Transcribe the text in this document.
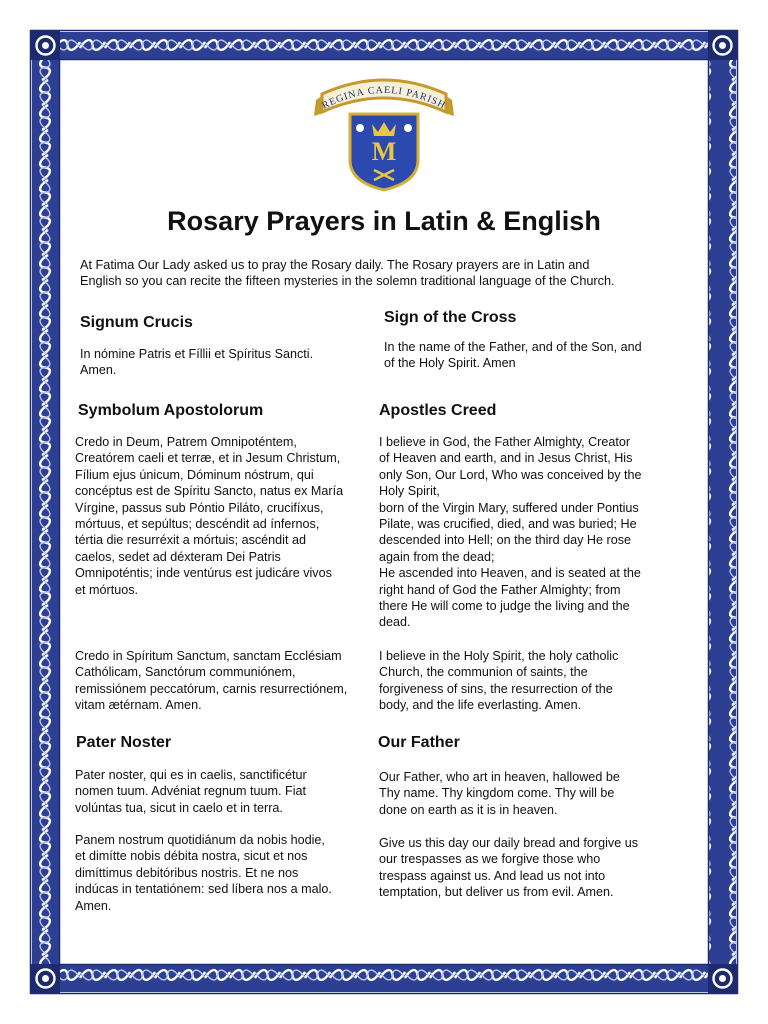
REGINA CAELI PARISH
M
Rosary Prayers in Latin & English
At Fatima Our Lady asked us to pray the Rosary daily. The Rosary prayers are in Latin and
English so you can recite the fifteen mysteries in the solemn traditional language of the Church.
Signum Crucis
In nómine Patris et Fíllii et Spíritus Sancti.
Amen.
Sign of the Cross
In the name of the Father, and of the Son, and
of the Holy Spirit. Amen
Symbolum Apostolorum
Credo in Deum, Patrem Omnipoténtem,
Creatórem caeli et terræ, et in Jesum Christum,
Fílium ejus únicum, Dóminum nóstrum, qui
concéptus est de Spíritu Sancto, natus ex María
Vírgine, passus sub Póntio Piláto, crucifíxus,
mórtuus, et sepúltus; descéndit ad ínfernos,
tértia die resurréxit a mórtuis; ascéndit ad
caelos, sedet ad déxteram Dei Patris
Omnipoténtis; inde ventúrus est judicáre vivos
et mórtuos.
Credo in Spíritum Sanctum, sanctam Ecclésiam
Cathólicam, Sanctórum communiónem,
remissiónem peccatórum, carnis resurrectiónem,
vitam ætérnam. Amen.
Apostles Creed
I believe in God, the Father Almighty, Creator
of Heaven and earth, and in Jesus Christ, His
only Son, Our Lord, Who was conceived by the
Holy Spirit,
born of the Virgin Mary, suffered under Pontius
Pilate, was crucified, died, and was buried; He
descended into Hell; on the third day He rose
again from the dead;
He ascended into Heaven, and is seated at the
right hand of God the Father Almighty; from
there He will come to judge the living and the
dead.
I believe in the Holy Spirit, the holy catholic
Church, the communion of saints, the
forgiveness of sins, the resurrection of the
body, and the life everlasting. Amen.
Pater Noster
Pater noster, qui es in caelis, sanctificétur
nomen tuum. Advéniat regnum tuum. Fiat
volúntas tua, sicut in caelo et in terra.
Panem nostrum quotidiánum da nobis hodie,
et dimítte nobis débita nostra, sicut et nos
dimíttimus debitóribus nostris. Et ne nos
indúcas in tentatiónem: sed líbera nos a malo.
Amen.
Our Father
Our Father, who art in heaven, hallowed be
Thy name. Thy kingdom come. Thy will be
done on earth as it is in heaven.
Give us this day our daily bread and forgive us
our trespasses as we forgive those who
trespass against us. And lead us not into
temptation, but deliver us from evil. Amen.
